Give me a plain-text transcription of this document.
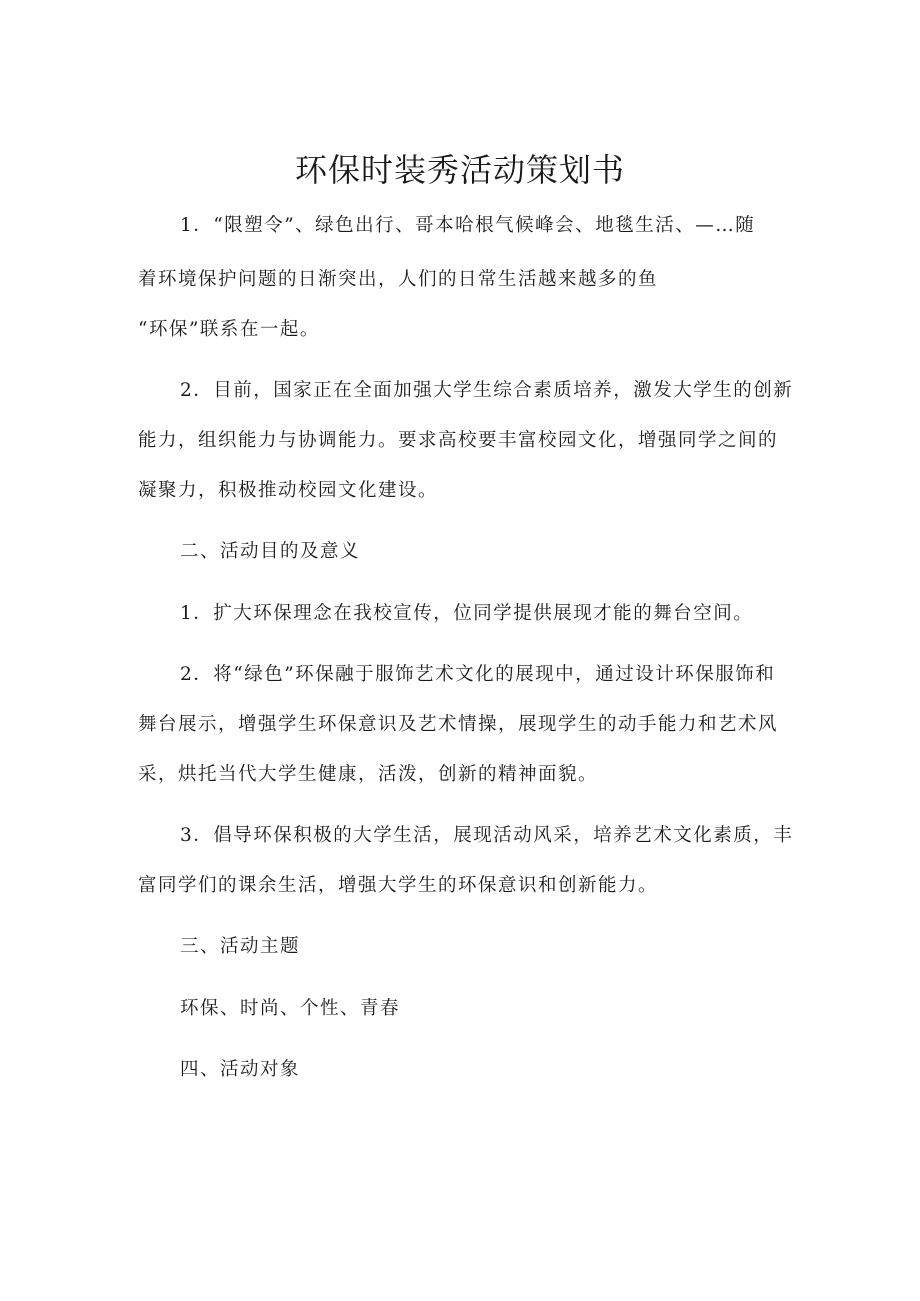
环保时装秀活动策划书

1．“限塑令”、绿色出行、哥本哈根气候峰会、地毯生活、—…随

着环境保护问题的日渐突出，人们的日常生活越来越多的鱼

“环保”联系在一起。

2．目前，国家正在全面加强大学生综合素质培养，激发大学生的创新

能力，组织能力与协调能力。要求高校要丰富校园文化，增强同学之间的

凝聚力，积极推动校园文化建设。

二、活动目的及意义

1．扩大环保理念在我校宣传，位同学提供展现才能的舞台空间。

2．将“绿色”环保融于服饰艺术文化的展现中，通过设计环保服饰和

舞台展示，增强学生环保意识及艺术情操，展现学生的动手能力和艺术风

采，烘托当代大学生健康，活泼，创新的精神面貌。

3．倡导环保积极的大学生活，展现活动风采，培养艺术文化素质，丰

富同学们的课余生活，增强大学生的环保意识和创新能力。

三、活动主题

环保、时尚、个性、青春

四、活动对象
